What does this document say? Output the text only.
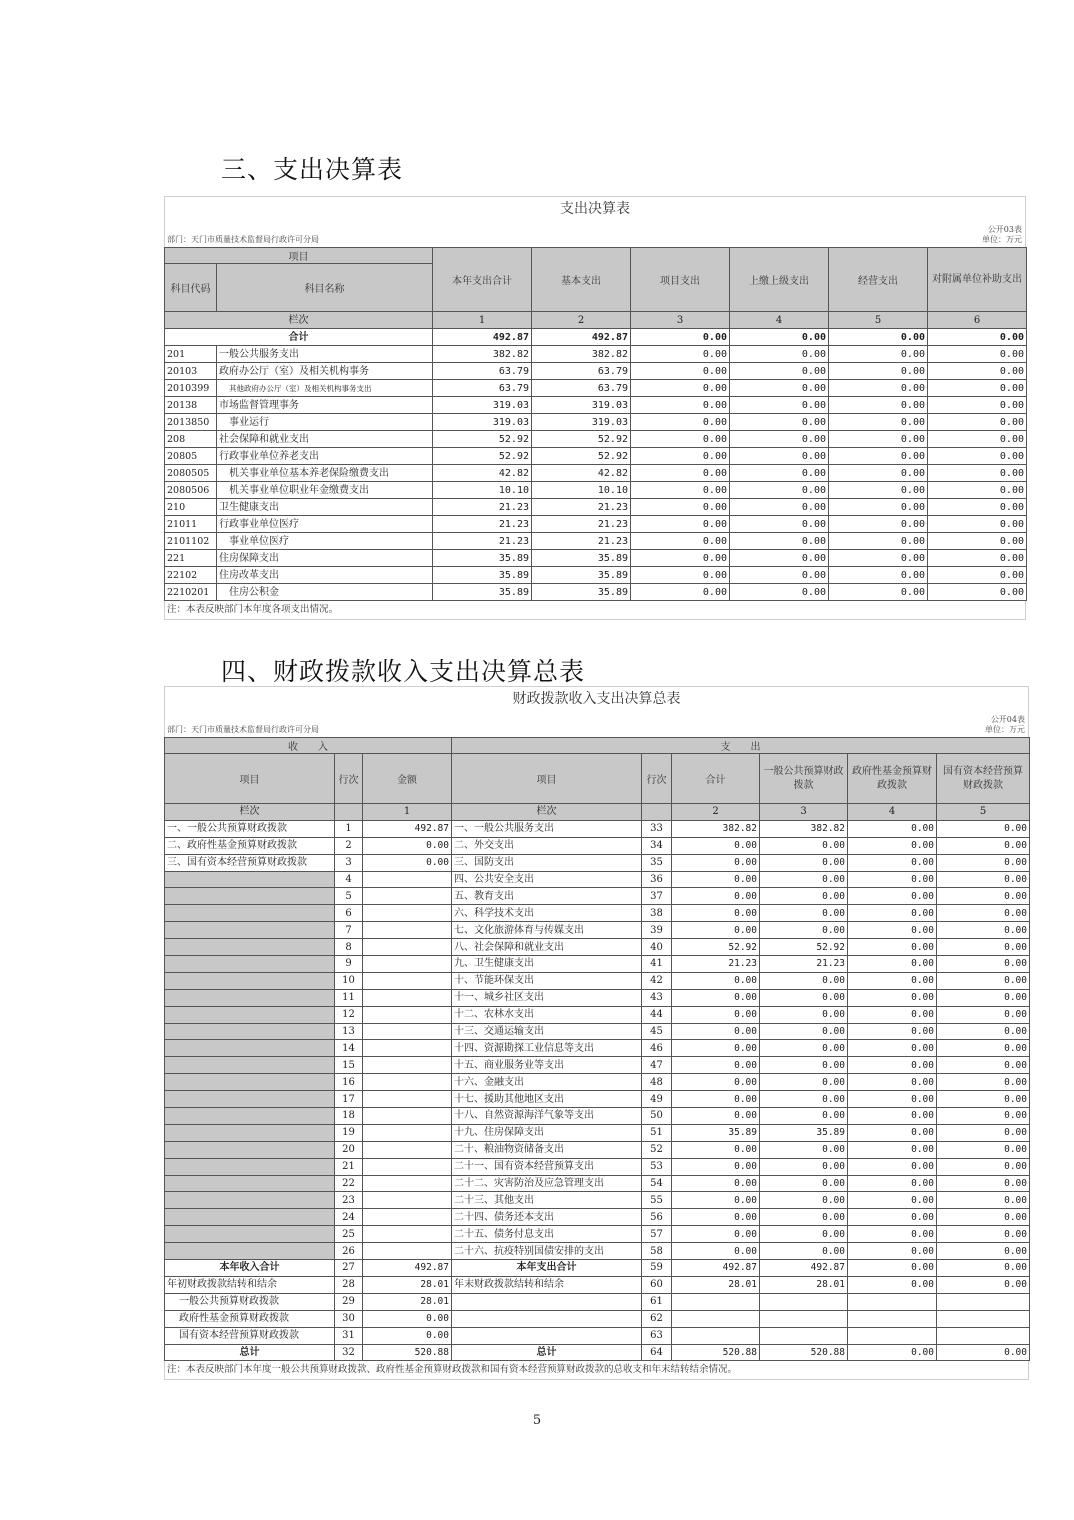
三、支出决算表
支出决算表
公开03表
部门：天门市质量技术监督局行政许可分局	单位：万元
项目		本年支出合计	基本支出	项目支出	上缴上级支出	经营支出	对附属单位补助支出
科目代码	科目名称						
栏次		1	2	3	4	5	6
合计		492.87	492.87	0.00	0.00	0.00	0.00
201	一般公共服务支出	382.82	382.82	0.00	0.00	0.00	0.00
20103	政府办公厅（室）及相关机构事务	63.79	63.79	0.00	0.00	0.00	0.00
2010399	其他政府办公厅（室）及相关机构事务支出	63.79	63.79	0.00	0.00	0.00	0.00
20138	市场监督管理事务	319.03	319.03	0.00	0.00	0.00	0.00
2013850	事业运行	319.03	319.03	0.00	0.00	0.00	0.00
208	社会保障和就业支出	52.92	52.92	0.00	0.00	0.00	0.00
20805	行政事业单位养老支出	52.92	52.92	0.00	0.00	0.00	0.00
2080505	机关事业单位基本养老保险缴费支出	42.82	42.82	0.00	0.00	0.00	0.00
2080506	机关事业单位职业年金缴费支出	10.10	10.10	0.00	0.00	0.00	0.00
210	卫生健康支出	21.23	21.23	0.00	0.00	0.00	0.00
21011	行政事业单位医疗	21.23	21.23	0.00	0.00	0.00	0.00
2101102	事业单位医疗	21.23	21.23	0.00	0.00	0.00	0.00
221	住房保障支出	35.89	35.89	0.00	0.00	0.00	0.00
22102	住房改革支出	35.89	35.89	0.00	0.00	0.00	0.00
2210201	住房公积金	35.89	35.89	0.00	0.00	0.00	0.00
注：本表反映部门本年度各项支出情况。
四、财政拨款收入支出决算总表
财政拨款收入支出决算总表
公开04表
部门：天门市质量技术监督局行政许可分局	单位：万元
收　　入			支　　出					
项目	行次	金额	项目	行次	合计	一般公共预算财政拨款	政府性基金预算财政拨款	国有资本经营预算财政拨款
栏次		1	栏次		2	3	4	5
一、一般公共预算财政拨款	1	492.87	一、一般公共服务支出	33	382.82	382.82	0.00	0.00
二、政府性基金预算财政拨款	2	0.00	二、外交支出	34	0.00	0.00	0.00	0.00
三、国有资本经营预算财政拨款	3	0.00	三、国防支出	35	0.00	0.00	0.00	0.00
	4		四、公共安全支出	36	0.00	0.00	0.00	0.00
	5		五、教育支出	37	0.00	0.00	0.00	0.00
	6		六、科学技术支出	38	0.00	0.00	0.00	0.00
	7		七、文化旅游体育与传媒支出	39	0.00	0.00	0.00	0.00
	8		八、社会保障和就业支出	40	52.92	52.92	0.00	0.00
	9		九、卫生健康支出	41	21.23	21.23	0.00	0.00
	10		十、节能环保支出	42	0.00	0.00	0.00	0.00
	11		十一、城乡社区支出	43	0.00	0.00	0.00	0.00
	12		十二、农林水支出	44	0.00	0.00	0.00	0.00
	13		十三、交通运输支出	45	0.00	0.00	0.00	0.00
	14		十四、资源勘探工业信息等支出	46	0.00	0.00	0.00	0.00
	15		十五、商业服务业等支出	47	0.00	0.00	0.00	0.00
	16		十六、金融支出	48	0.00	0.00	0.00	0.00
	17		十七、援助其他地区支出	49	0.00	0.00	0.00	0.00
	18		十八、自然资源海洋气象等支出	50	0.00	0.00	0.00	0.00
	19		十九、住房保障支出	51	35.89	35.89	0.00	0.00
	20		二十、粮油物资储备支出	52	0.00	0.00	0.00	0.00
	21		二十一、国有资本经营预算支出	53	0.00	0.00	0.00	0.00
	22		二十二、灾害防治及应急管理支出	54	0.00	0.00	0.00	0.00
	23		二十三、其他支出	55	0.00	0.00	0.00	0.00
	24		二十四、债务还本支出	56	0.00	0.00	0.00	0.00
	25		二十五、债务付息支出	57	0.00	0.00	0.00	0.00
	26		二十六、抗疫特别国债安排的支出	58	0.00	0.00	0.00	0.00
本年收入合计	27	492.87	本年支出合计	59	492.87	492.87	0.00	0.00
年初财政拨款结转和结余	28	28.01	年末财政拨款结转和结余	60	28.01	28.01	0.00	0.00
一般公共预算财政拨款	29	28.01		61				
政府性基金预算财政拨款	30	0.00		62				
国有资本经营预算财政拨款	31	0.00		63				
总计	32	520.88	总计	64	520.88	520.88	0.00	0.00
注：本表反映部门本年度一般公共预算财政拨款、政府性基金预算财政拨款和国有资本经营预算财政拨款的总收支和年末结转结余情况。
5
